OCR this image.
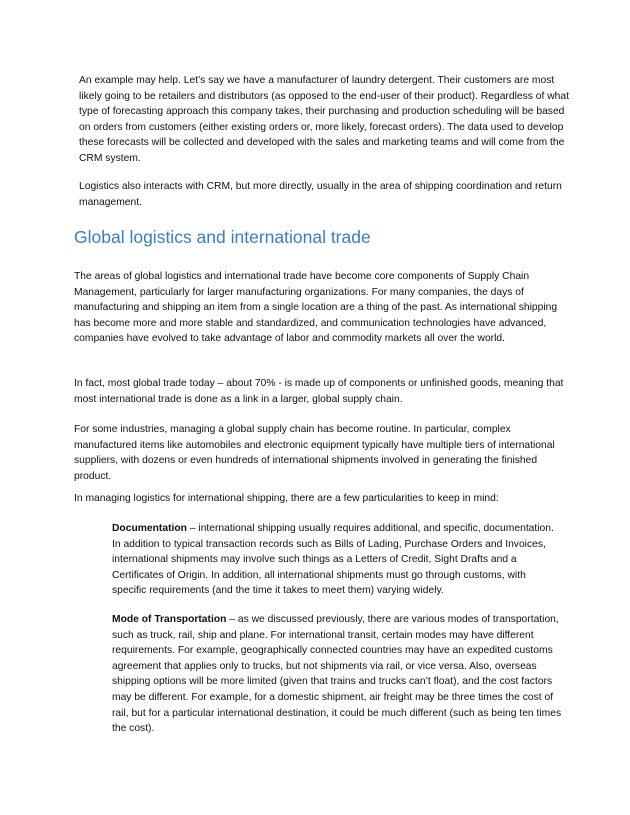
An example may help. Let’s say we have a manufacturer of laundry detergent. Their customers are most likely going to be retailers and distributors (as opposed to the end-user of their product). Regardless of what type of forecasting approach this company takes, their purchasing and production scheduling will be based on orders from customers (either existing orders or, more likely, forecast orders). The data used to develop these forecasts will be collected and developed with the sales and marketing teams and will come from the CRM system.

Logistics also interacts with CRM, but more directly, usually in the area of shipping coordination and return management.

Global logistics and international trade

The areas of global logistics and international trade have become core components of Supply Chain Management, particularly for larger manufacturing organizations. For many companies, the days of manufacturing and shipping an item from a single location are a thing of the past. As international shipping has become more and more stable and standardized, and communication technologies have advanced, companies have evolved to take advantage of labor and commodity markets all over the world.

In fact, most global trade today – about 70% - is made up of components or unfinished goods, meaning that most international trade is done as a link in a larger, global supply chain.

For some industries, managing a global supply chain has become routine. In particular, complex manufactured items like automobiles and electronic equipment typically have multiple tiers of international suppliers, with dozens or even hundreds of international shipments involved in generating the finished product.

In managing logistics for international shipping, there are a few particularities to keep in mind:

Documentation – international shipping usually requires additional, and specific, documentation. In addition to typical transaction records such as Bills of Lading, Purchase Orders and Invoices, international shipments may involve such things as a Letters of Credit, Sight Drafts and a Certificates of Origin. In addition, all international shipments must go through customs, with specific requirements (and the time it takes to meet them) varying widely.

Mode of Transportation – as we discussed previously, there are various modes of transportation, such as truck, rail, ship and plane. For international transit, certain modes may have different requirements. For example, geographically connected countries may have an expedited customs agreement that applies only to trucks, but not shipments via rail, or vice versa. Also, overseas shipping options will be more limited (given that trains and trucks can’t float), and the cost factors may be different. For example, for a domestic shipment, air freight may be three times the cost of rail, but for a particular international destination, it could be much different (such as being ten times the cost).
